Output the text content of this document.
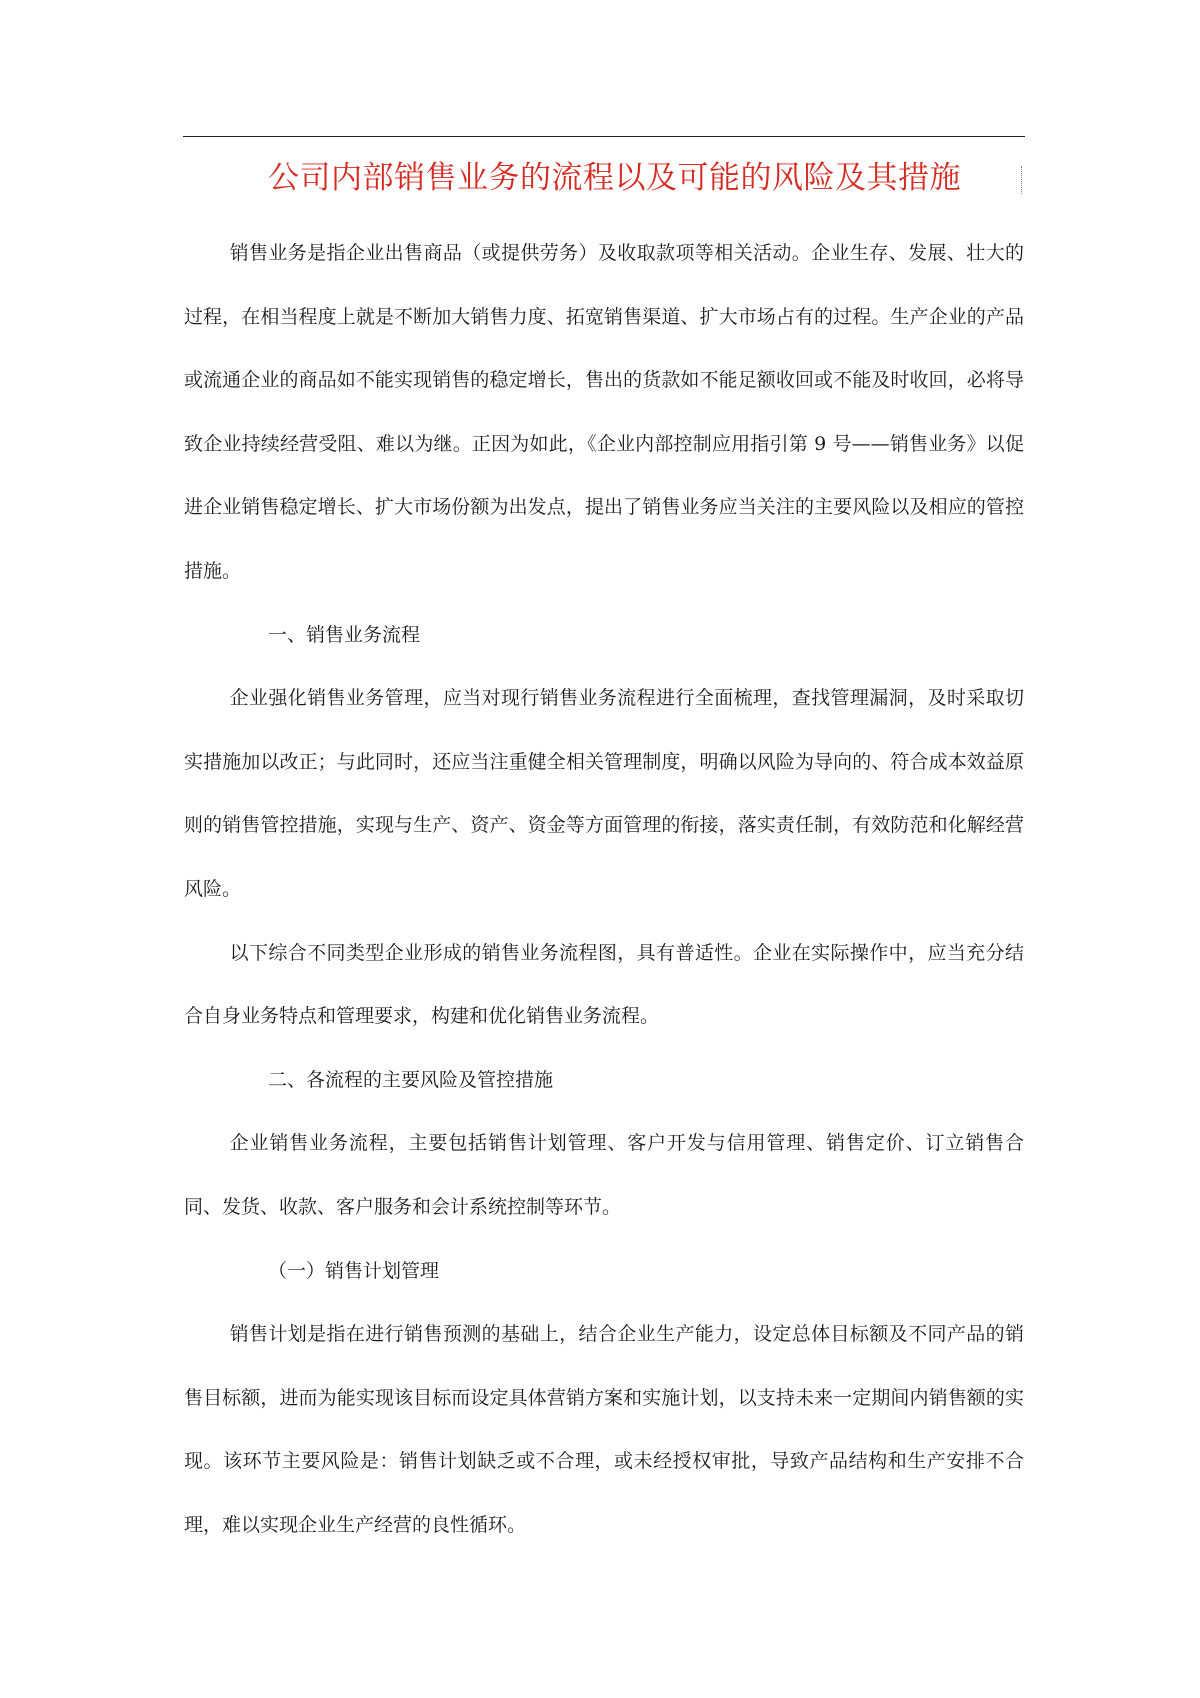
公司内部销售业务的流程以及可能的风险及其措施

销售业务是指企业出售商品（或提供劳务）及收取款项等相关活动。企业生存、发展、壮大的过程，在相当程度上就是不断加大销售力度、拓宽销售渠道、扩大市场占有的过程。生产企业的产品或流通企业的商品如不能实现销售的稳定增长，售出的货款如不能足额收回或不能及时收回，必将导致企业持续经营受阻、难以为继。正因为如此，《企业内部控制应用指引第 9 号——销售业务》以促进企业销售稳定增长、扩大市场份额为出发点，提出了销售业务应当关注的主要风险以及相应的管控措施。

一、销售业务流程

企业强化销售业务管理，应当对现行销售业务流程进行全面梳理，查找管理漏洞，及时采取切实措施加以改正；与此同时，还应当注重健全相关管理制度，明确以风险为导向的、符合成本效益原则的销售管控措施，实现与生产、资产、资金等方面管理的衔接，落实责任制，有效防范和化解经营风险。

以下综合不同类型企业形成的销售业务流程图，具有普适性。企业在实际操作中，应当充分结合自身业务特点和管理要求，构建和优化销售业务流程。

二、各流程的主要风险及管控措施

企业销售业务流程，主要包括销售计划管理、客户开发与信用管理、销售定价、订立销售合同、发货、收款、客户服务和会计系统控制等环节。

（一）销售计划管理

销售计划是指在进行销售预测的基础上，结合企业生产能力，设定总体目标额及不同产品的销售目标额，进而为能实现该目标而设定具体营销方案和实施计划，以支持未来一定期间内销售额的实现。该环节主要风险是：销售计划缺乏或不合理，或未经授权审批，导致产品结构和生产安排不合理，难以实现企业生产经营的良性循环。
